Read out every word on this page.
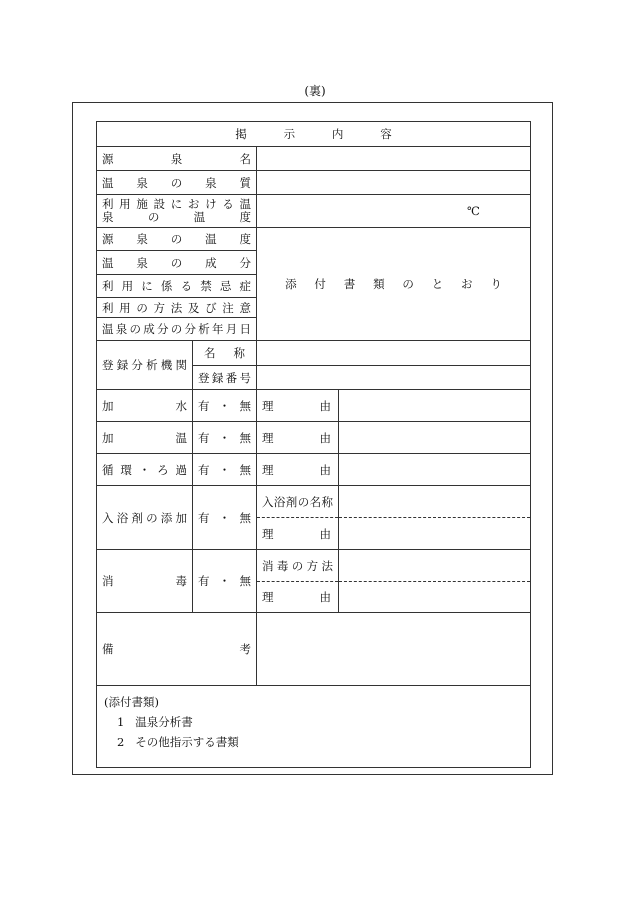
(裏)
掲示内容			

源泉名			

温泉の泉質			

利用施設における温
泉の温度		℃	

源泉の温度		添付書類のとおり	

温泉の成分			

利用に係る禁忌症			

利用の方法及び注意			

温泉の成分の分析年月日			

登録分析機関	名称		

	登録番号		

加水	有・無	理由	

加温	有・無	理由	

循環・ろ過	有・無	理由	

入浴剤の添加	有・無	入浴剤の名称	

		理由	

消毒	有・無	消毒の方法	

		理由	

備考			

(添付書類)
1 温泉分析書
2 その他指示する書類			
